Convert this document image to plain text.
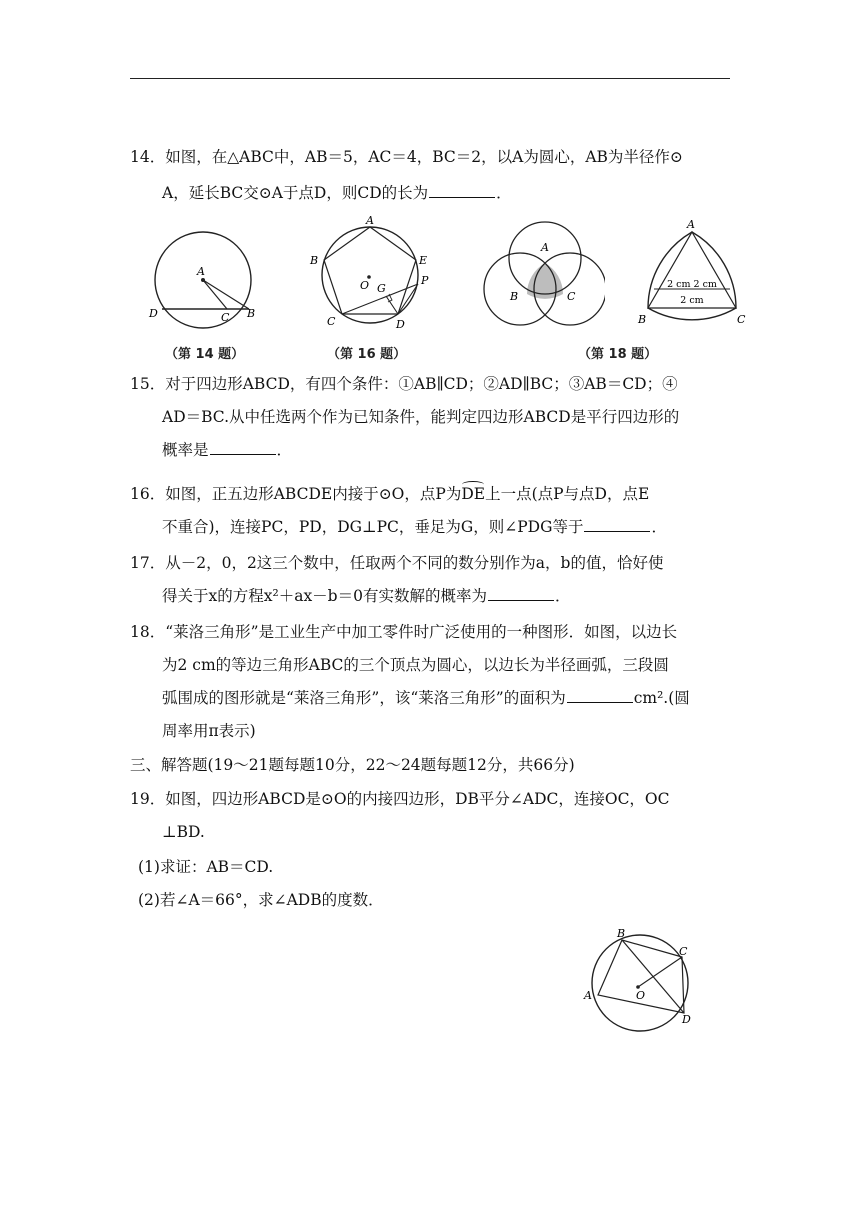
14．如图，在△ABC中，AB＝5，AC＝4，BC＝2，以A为圆心，AB为半径作⊙
A，延长BC交⊙A于点D，则CD的长为	．
A
D	C B
（第 14 题）
A
B	E
P
C	D
O G
（第 16 题）
A
B	C
（第 18 题）
A
B	C
2 cm 2 cm
2 cm
15．对于四边形ABCD，有四个条件：①AB∥CD；②AD∥BC；③AB＝CD；④
AD＝BC.从中任选两个作为已知条件，能判定四边形ABCD是平行四边形的
概率是	．
16．如图，正五边形ABCDE内接于⊙O，点P为DE上一点(点P与点D，点E
不重合)，连接PC，PD，DG⊥PC，垂足为G，则∠PDG等于	．
17．从－2，0，2这三个数中，任取两个不同的数分别作为a，b的值，恰好使
得关于x的方程x²＋ax－b＝0有实数解的概率为	．
18．“莱洛三角形”是工业生产中加工零件时广泛使用的一种图形．如图，以边长
为2 cm的等边三角形ABC的三个顶点为圆心，以边长为半径画弧，三段圆
弧围成的图形就是“莱洛三角形”，该“莱洛三角形”的面积为	cm².(圆
周率用π表示)
三、解答题(19～21题每题10分，22～24题每题12分，共66分)
19．如图，四边形ABCD是⊙O的内接四边形，DB平分∠ADC，连接OC，OC
⊥BD.
(1)求证：AB＝CD.
(2)若∠A＝66°，求∠ADB的度数．
B
C
A	O
D
